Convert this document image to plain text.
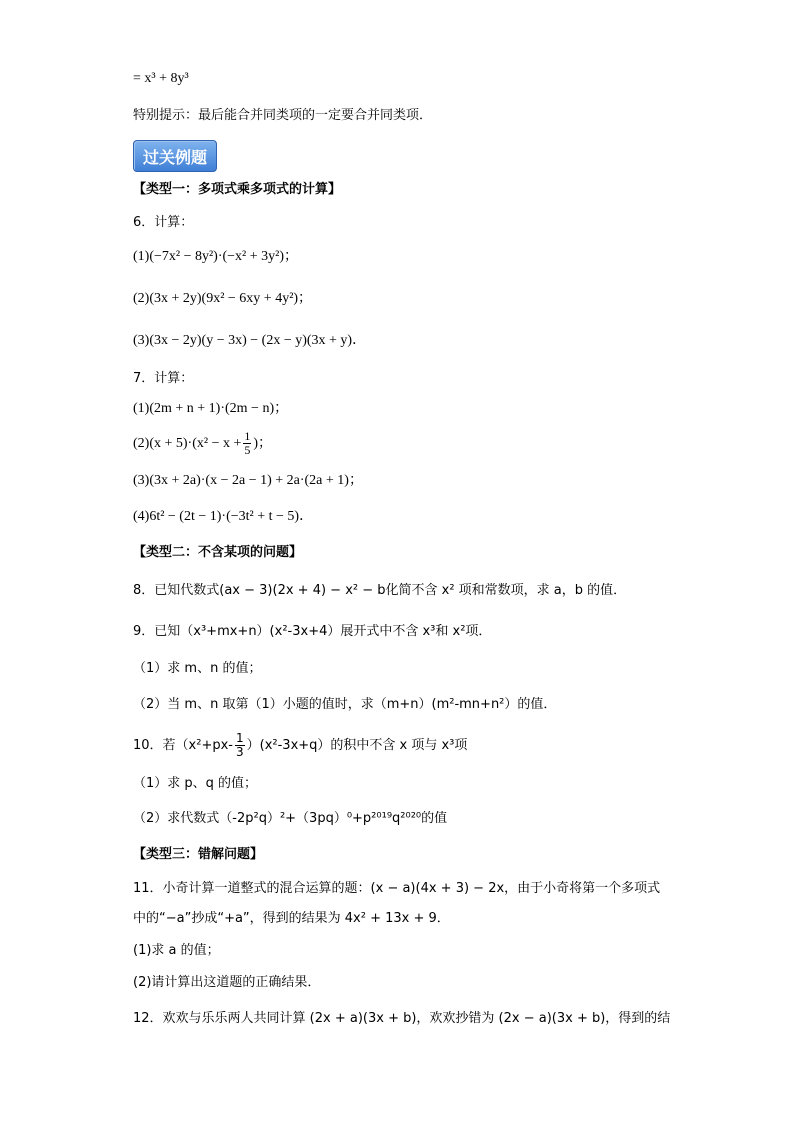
= x³ + 8y³
特别提示：最后能合并同类项的一定要合并同类项．
过关例题
【类型一：多项式乘多项式的计算】
6．计算：
(1)(−7x² − 8y²)·(−x² + 3y²)；
(2)(3x + 2y)(9x² − 6xy + 4y²)；
(3)(3x − 2y)(y − 3x) − (2x − y)(3x + y)．
7．计算：
(1)(2m + n + 1)·(2m − n)；
$(2)(x + 5)\cdot(x^2 - x + \frac{1}{5}$ )；
(3)(3x + 2a)·(x − 2a − 1) + 2a·(2a + 1)；
(4)6t² − (2t − 1)·(−3t² + t − 5)．
【类型二：不含某项的问题】
8．已知代数式(ax − 3)(2x + 4) − x² − b化简不含 x² 项和常数项，求 a，b 的值．
9．已知（x³+mx+n）(x²-3x+4）展开式中不含 x³和 x²项．
（1）求 m、n 的值；
（2）当 m、n 取第（1）小题的值时，求（m+n）(m²-mn+n²）的值．
10．若$(x^2+px- \frac{1}{3} )(x^2-3x+q)$的积中不含 x 项与 x³项
（1）求 p、q 的值；
（2）求代数式（-2p²q）²+（3pq）⁰+p²⁰¹⁹q²⁰²⁰的值
【类型三：错解问题】
11．小奇计算一道整式的混合运算的题：(x − a)(4x + 3) − 2x，由于小奇将第一个多项式
中的“−a”抄成“+a”，得到的结果为 4x² + 13x + 9．
(1)求 a 的值；
(2)请计算出这道题的正确结果．
12．欢欢与乐乐两人共同计算 (2x + a)(3x + b)，欢欢抄错为 (2x − a)(3x + b)，得到的结
